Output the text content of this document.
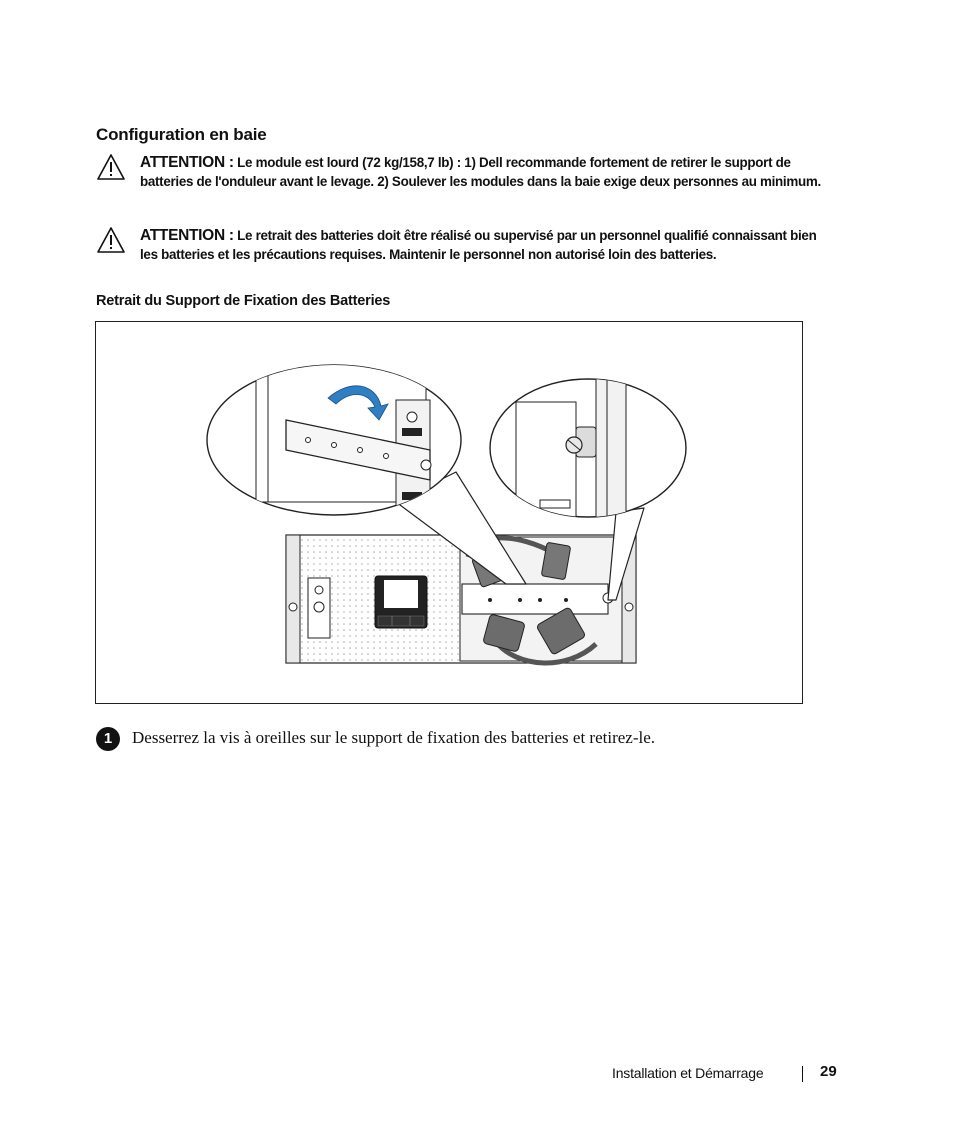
Configuration en baie
ATTENTION : Le module est lourd (72 kg/158,7 lb) : 1) Dell recommande fortement de retirer le support de batteries de l'onduleur avant le levage. 2) Soulever les modules dans la baie exige deux personnes au minimum.
ATTENTION : Le retrait des batteries doit être réalisé ou supervisé par un personnel qualifié connaissant bien les batteries et les précautions requises. Maintenir le personnel non autorisé loin des batteries.
Retrait du Support de Fixation des Batteries
1	Desserrez la vis à oreilles sur le support de fixation des batteries et retirez-le.
Installation et Démarrage	29
